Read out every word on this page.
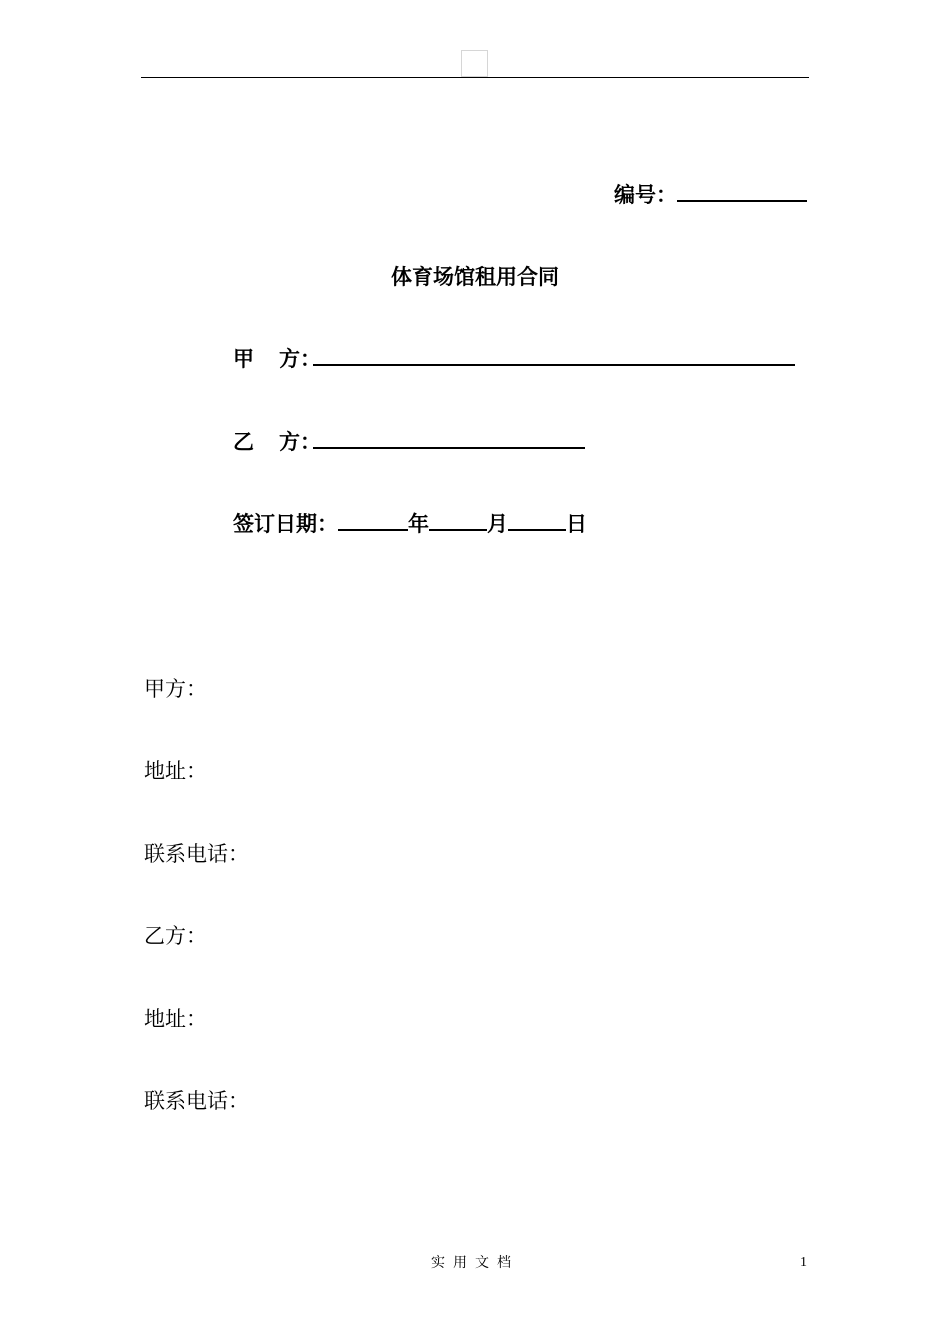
编号：
体育场馆租用合同
甲 方：
乙 方：
签订日期：	年	月	日
甲方：
地址：
联系电话：
乙方：
地址：
联系电话：
实用文档	1
